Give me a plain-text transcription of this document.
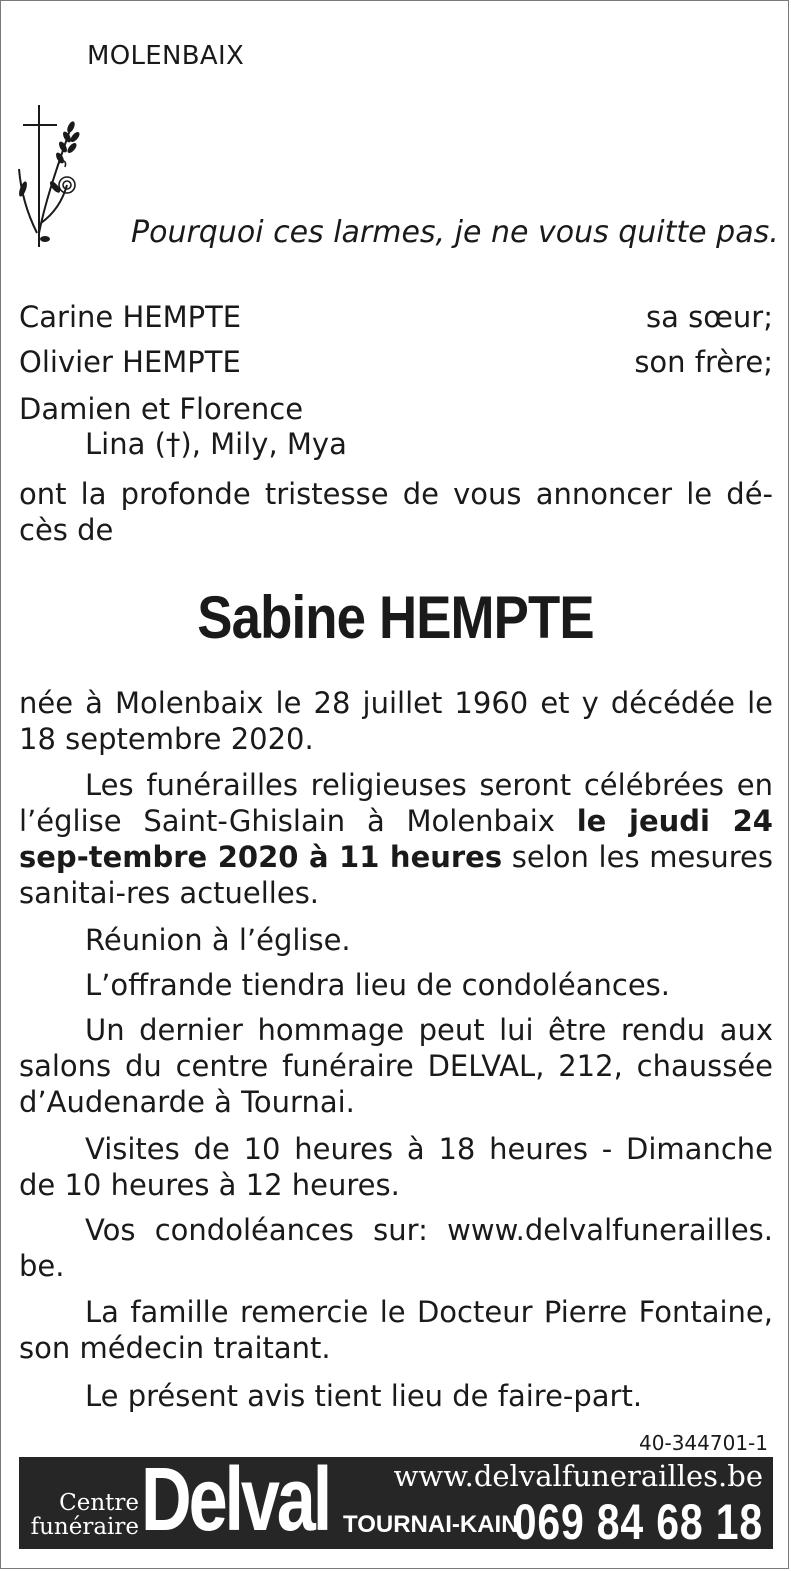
MOLENBAIX
Pourquoi ces larmes, je ne vous quitte pas.
Carine HEMPTE	sa sœur;
Olivier HEMPTE	son frère;
Damien et Florence
Lina (†), Mily, Mya
ont la profonde tristesse de vous annoncer le dé-cès de
Sabine HEMPTE
née à Molenbaix le 28 juillet 1960 et y décédée le 18 septembre 2020.
Les funérailles religieuses seront célébrées en l’église Saint-Ghislain à Molenbaix le jeudi 24 sep-tembre 2020 à 11 heures selon les mesures sanitai-res actuelles.
Réunion à l’église.
L’offrande tiendra lieu de condoléances.
Un dernier hommage peut lui être rendu aux salons du centre funéraire DELVAL, 212, chaussée d’Audenarde à Tournai.
Visites de 10 heures à 18 heures - Dimanche de 10 heures à 12 heures.
Vos condoléances sur: www.delvalfunerailles. be.
La famille remercie le Docteur Pierre Fontaine, son médecin traitant.
Le présent avis tient lieu de faire-part.
40-344701-1
Centre
funéraire Delval www.delvalfunerailles.be
TOURNAI-KAIN
069 84 68 18
